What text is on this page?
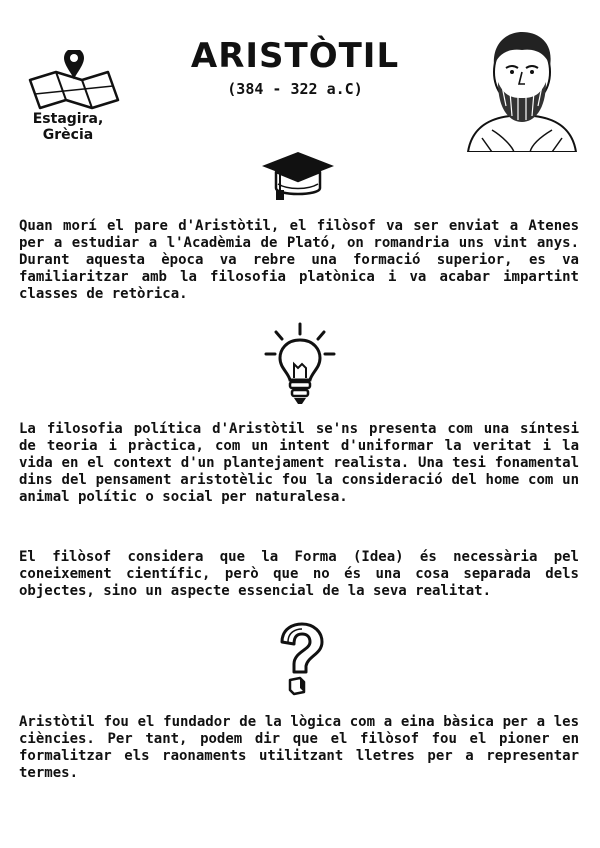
ARISTÒTIL
(384 - 322 a.C)
Estagira,
Grècia

Quan morí el pare d'Aristòtil, el filòsof va ser enviat a Atenes per a estudiar a l'Acadèmia de Plató, on romandria uns vint anys. Durant aquesta època va rebre una formació superior, es va familiaritzar amb la filosofia platònica i va acabar impartint classes de retòrica.

La filosofia política d'Aristòtil se'ns presenta com una síntesi de teoria i pràctica, com un intent d'uniformar la veritat i la vida en el context d'un plantejament realista. Una tesi fonamental dins del pensament aristotèlic fou la consideració del home com un animal polític o social per naturalesa.

El filòsof considera que la Forma (Idea) és necessària pel coneixement científic, però que no és una cosa separada dels objectes, sino un aspecte essencial de la seva realitat.

Aristòtil fou el fundador de la lògica com a eina bàsica per a les ciències. Per tant, podem dir que el filòsof fou el pioner en formalitzar els raonaments utilitzant lletres per a representar termes.
